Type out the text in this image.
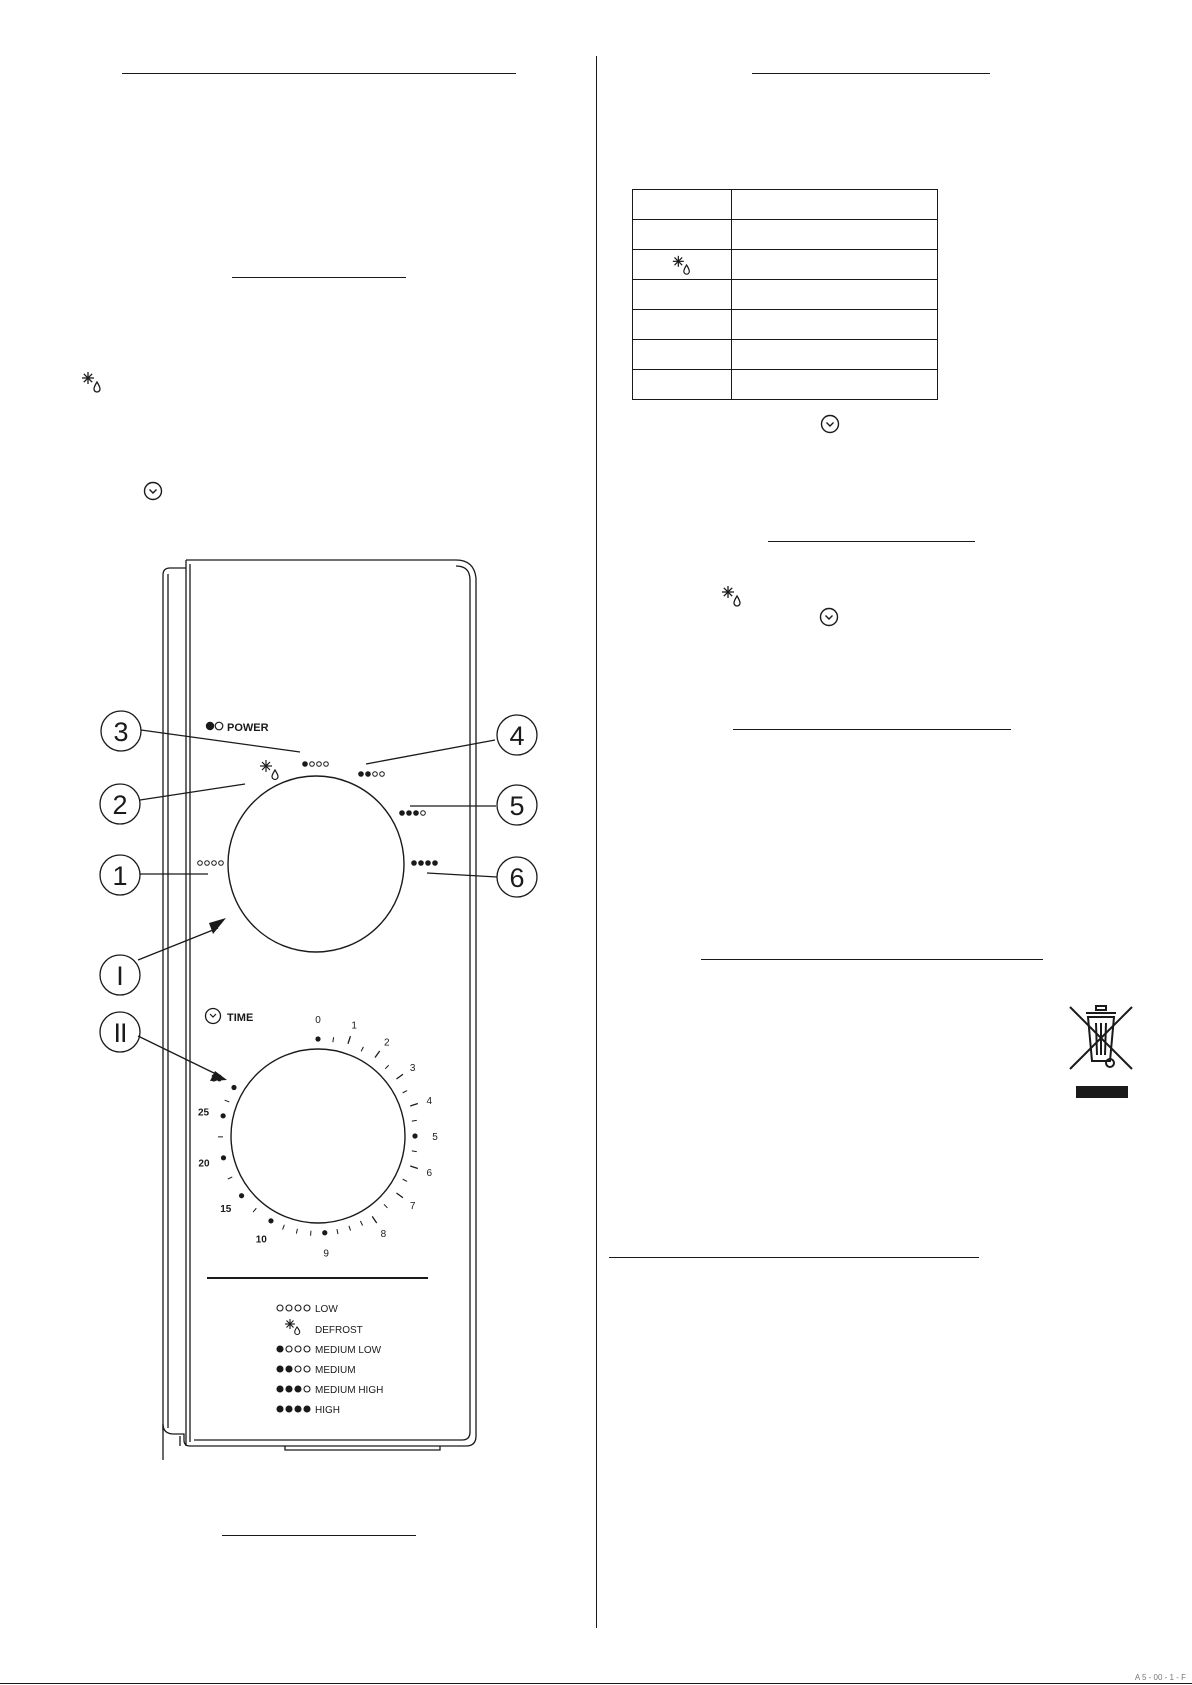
POWER
TIME	0
1
2
3
4
5
6
7
8
9
10
15
20
25
LOW
DEFROST
MEDIUM LOW
MEDIUM
MEDIUM HIGH
HIGH
3
2
1
4
5
6
I
II

A 5 - 00 - 1 - F
